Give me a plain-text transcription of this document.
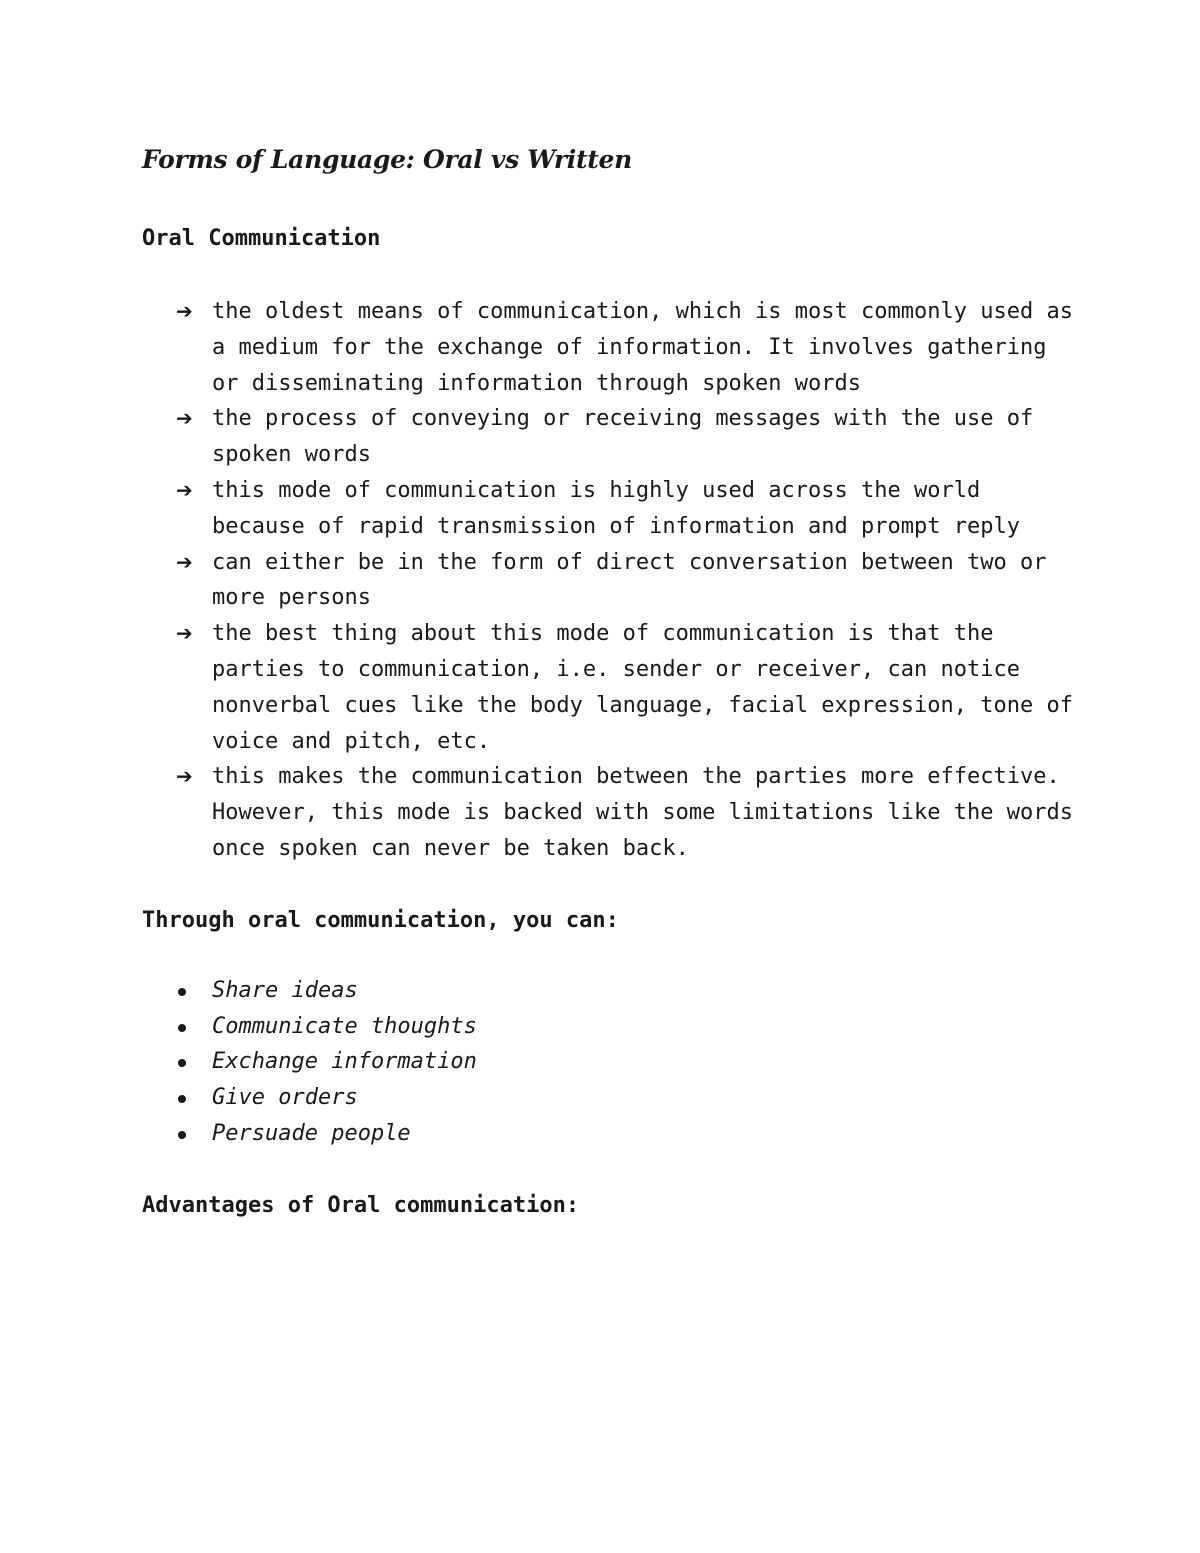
Forms of Language: Oral vs Written
Oral Communication
➔ the oldest means of communication, which is most commonly used as a medium for the exchange of information. It involves gathering or disseminating information through spoken words
➔ the process of conveying or receiving messages with the use of spoken words
➔ this mode of communication is highly used across the world because of rapid transmission of information and prompt reply
➔ can either be in the form of direct conversation between two or more persons
➔ the best thing about this mode of communication is that the parties to communication, i.e. sender or receiver, can notice nonverbal cues like the body language, facial expression, tone of voice and pitch, etc.
➔ this makes the communication between the parties more effective. However, this mode is backed with some limitations like the words once spoken can never be taken back.
Through oral communication, you can:
Share ideas
Communicate thoughts
Exchange information
Give orders
Persuade people
Advantages of Oral communication:
